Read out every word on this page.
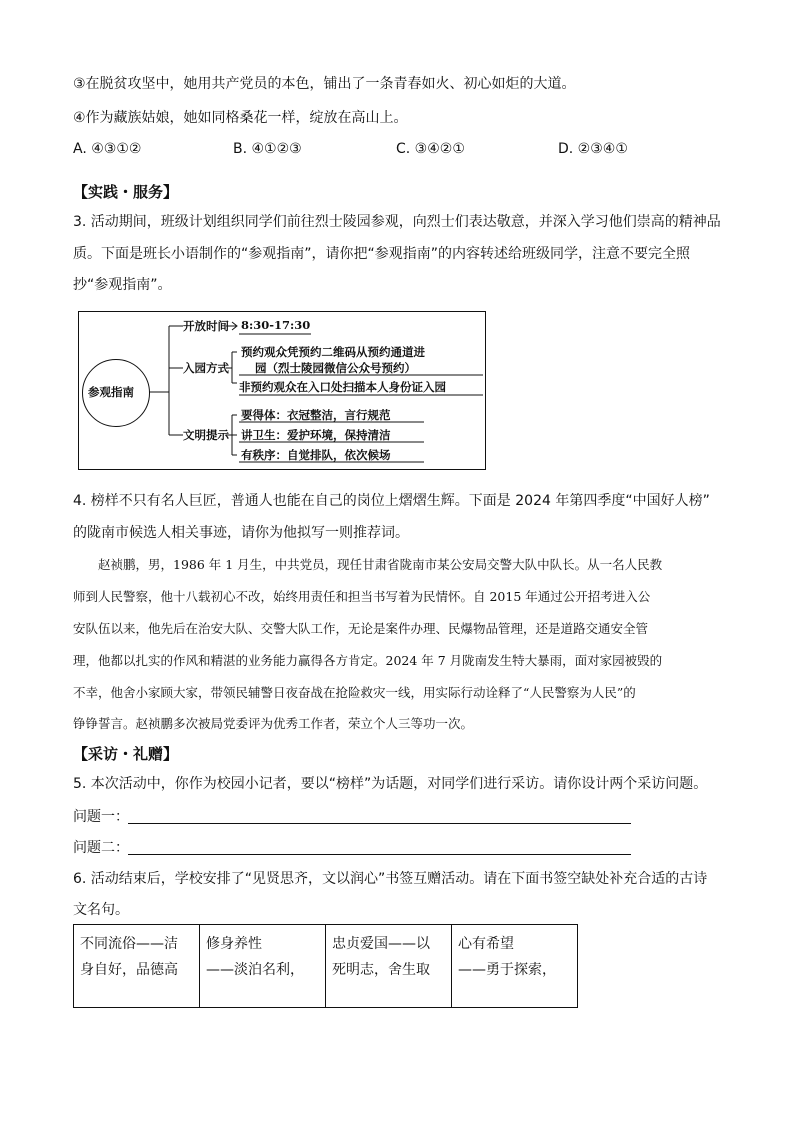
③在脱贫攻坚中，她用共产党员的本色，铺出了一条青春如火、初心如炬的大道。
④作为藏族姑娘，她如同格桑花一样，绽放在高山上。
A. ④③①②	B. ④①②③	C. ③④②①	D. ②③④①
【实践・服务】
3. 活动期间，班级计划组织同学们前往烈士陵园参观，向烈士们表达敬意，并深入学习他们崇高的精神品
质。下面是班长小语制作的“参观指南”，请你把“参观指南”的内容转述给班级同学，注意不要完全照
抄“参观指南”。
参观指南
开放时间 8:30-17:30
入园方式
预约观众凭预约二维码从预约通道进
园（烈士陵园微信公众号预约）
非预约观众在入口处扫描本人身份证入园
文明提示
要得体：衣冠整洁，言行规范
讲卫生：爱护环境，保持清洁
有秩序：自觉排队，依次候场
4. 榜样不只有名人巨匠，普通人也能在自己的岗位上熠熠生辉。下面是 2024 年第四季度“中国好人榜”
的陇南市候选人相关事迹，请你为他拟写一则推荐词。
　　赵祯鹏，男，1986 年 1 月生，中共党员，现任甘肃省陇南市某公安局交警大队中队长。从一名人民教
师到人民警察，他十八载初心不改，始终用责任和担当书写着为民情怀。自 2015 年通过公开招考进入公
安队伍以来，他先后在治安大队、交警大队工作，无论是案件办理、民爆物品管理，还是道路交通安全管
理，他都以扎实的作风和精湛的业务能力赢得各方肯定。2024 年 7 月陇南发生特大暴雨，面对家园被毁的
不幸，他舍小家顾大家，带领民辅警日夜奋战在抢险救灾一线，用实际行动诠释了“人民警察为人民”的
铮铮誓言。赵祯鹏多次被局党委评为优秀工作者，荣立个人三等功一次。
【采访・礼赠】
5. 本次活动中，你作为校园小记者，要以“榜样”为话题，对同学们进行采访。请你设计两个采访问题。
问题一：
问题二：
6. 活动结束后，学校安排了“见贤思齐，文以润心”书签互赠活动。请在下面书签空缺处补充合适的古诗
文名句。
不同流俗——洁
身自好，品德高

修身养性
——淡泊名利，

忠贞爱国——以
死明志，舍生取

心有希望
——勇于探索，
